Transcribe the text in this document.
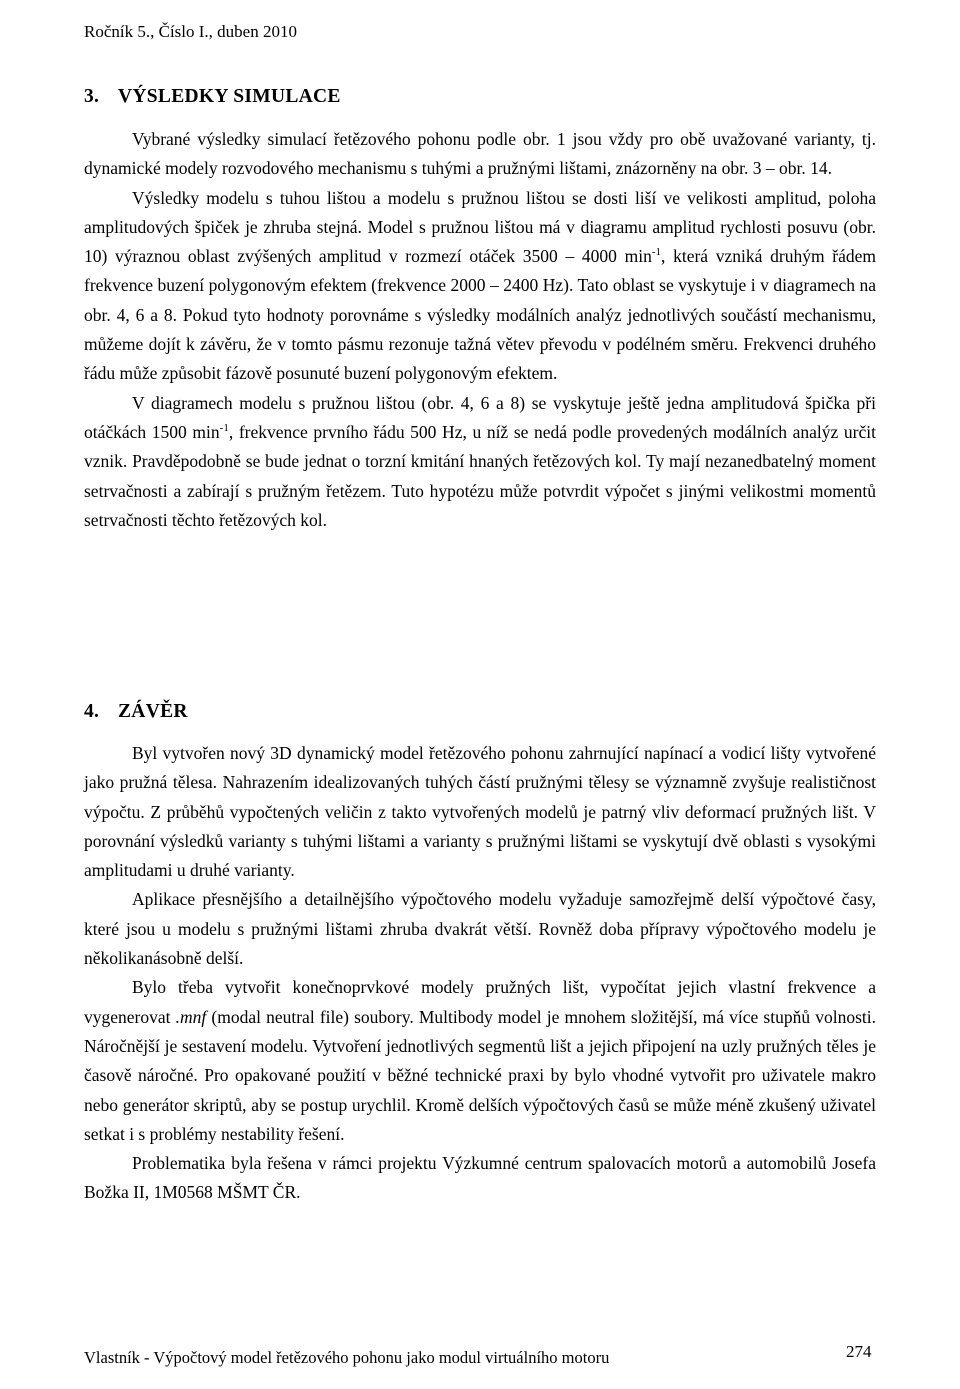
Ročník 5., Číslo I., duben 2010
3. VÝSLEDKY SIMULACE

Vybrané výsledky simulací řetězového pohonu podle obr. 1 jsou vždy pro obě uvažované varianty, tj. dynamické modely rozvodového mechanismu s tuhými a pružnými lištami, znázorněny na obr. 3 – obr. 14.

Výsledky modelu s tuhou lištou a modelu s pružnou lištou se dosti liší ve velikosti amplitud, poloha amplitudových špiček je zhruba stejná. Model s pružnou lištou má v diagramu amplitud rychlosti posuvu (obr. 10) výraznou oblast zvýšených amplitud v rozmezí otáček 3500 – 4000 $\min^{-1}$, která vzniká druhým řádem frekvence buzení polygonovým efektem (frekvence 2000 – 2400 Hz). Tato oblast se vyskytuje i v diagramech na obr. 4, 6 a 8. Pokud tyto hodnoty porovnáme s výsledky modálních analýz jednotlivých součástí mechanismu, můžeme dojít k závěru, že v tomto pásmu rezonuje tažná větev převodu v podélném směru. Frekvenci druhého řádu může způsobit fázově posunuté buzení polygonovým efektem.

V diagramech modelu s pružnou lištou (obr. 4, 6 a 8) se vyskytuje ještě jedna amplitudová špička při otáčkách 1500 $\min^{-1}$, frekvence prvního řádu 500 Hz, u níž se nedá podle provedených modálních analýz určit vznik. Pravděpodobně se bude jednat o torzní kmitání hnaných řetězových kol. Ty mají nezanedbatelný moment setrvačnosti a zabírají s pružným řetězem. Tuto hypotézu může potvrdit výpočet s jinými velikostmi momentů setrvačnosti těchto řetězových kol.

4. ZÁVĚR

Byl vytvořen nový 3D dynamický model řetězového pohonu zahrnující napínací a vodicí lišty vytvořené jako pružná tělesa. Nahrazením idealizovaných tuhých částí pružnými tělesy se významně zvyšuje realističnost výpočtu. Z průběhů vypočtených veličin z takto vytvořených modelů je patrný vliv deformací pružných lišt. V porovnání výsledků varianty s tuhými lištami a varianty s pružnými lištami se vyskytují dvě oblasti s vysokými amplitudami u druhé varianty.

Aplikace přesnějšího a detailnějšího výpočtového modelu vyžaduje samozřejmě delší výpočtové časy, které jsou u modelu s pružnými lištami zhruba dvakrát větší. Rovněž doba přípravy výpočtového modelu je několikanásobně delší.

Bylo třeba vytvořit konečnoprvkové modely pružných lišt, vypočítat jejich vlastní frekvence a vygenerovat .mnf (modal neutral file) soubory. Multibody model je mnohem složitější, má více stupňů volnosti. Náročnější je sestavení modelu. Vytvoření jednotlivých segmentů lišt a jejich připojení na uzly pružných těles je časově náročné. Pro opakované použití v běžné technické praxi by bylo vhodné vytvořit pro uživatele makro nebo generátor skriptů, aby se postup urychlil. Kromě delších výpočtových časů se může méně zkušený uživatel setkat i s problémy nestability řešení.

Problematika byla řešena v rámci projektu Výzkumné centrum spalovacích motorů a automobilů Josefa Božka II, 1M0568 MŠMT ČR.

Vlastník - Výpočtový model řetězového pohonu jako modul virtuálního motoru	274
